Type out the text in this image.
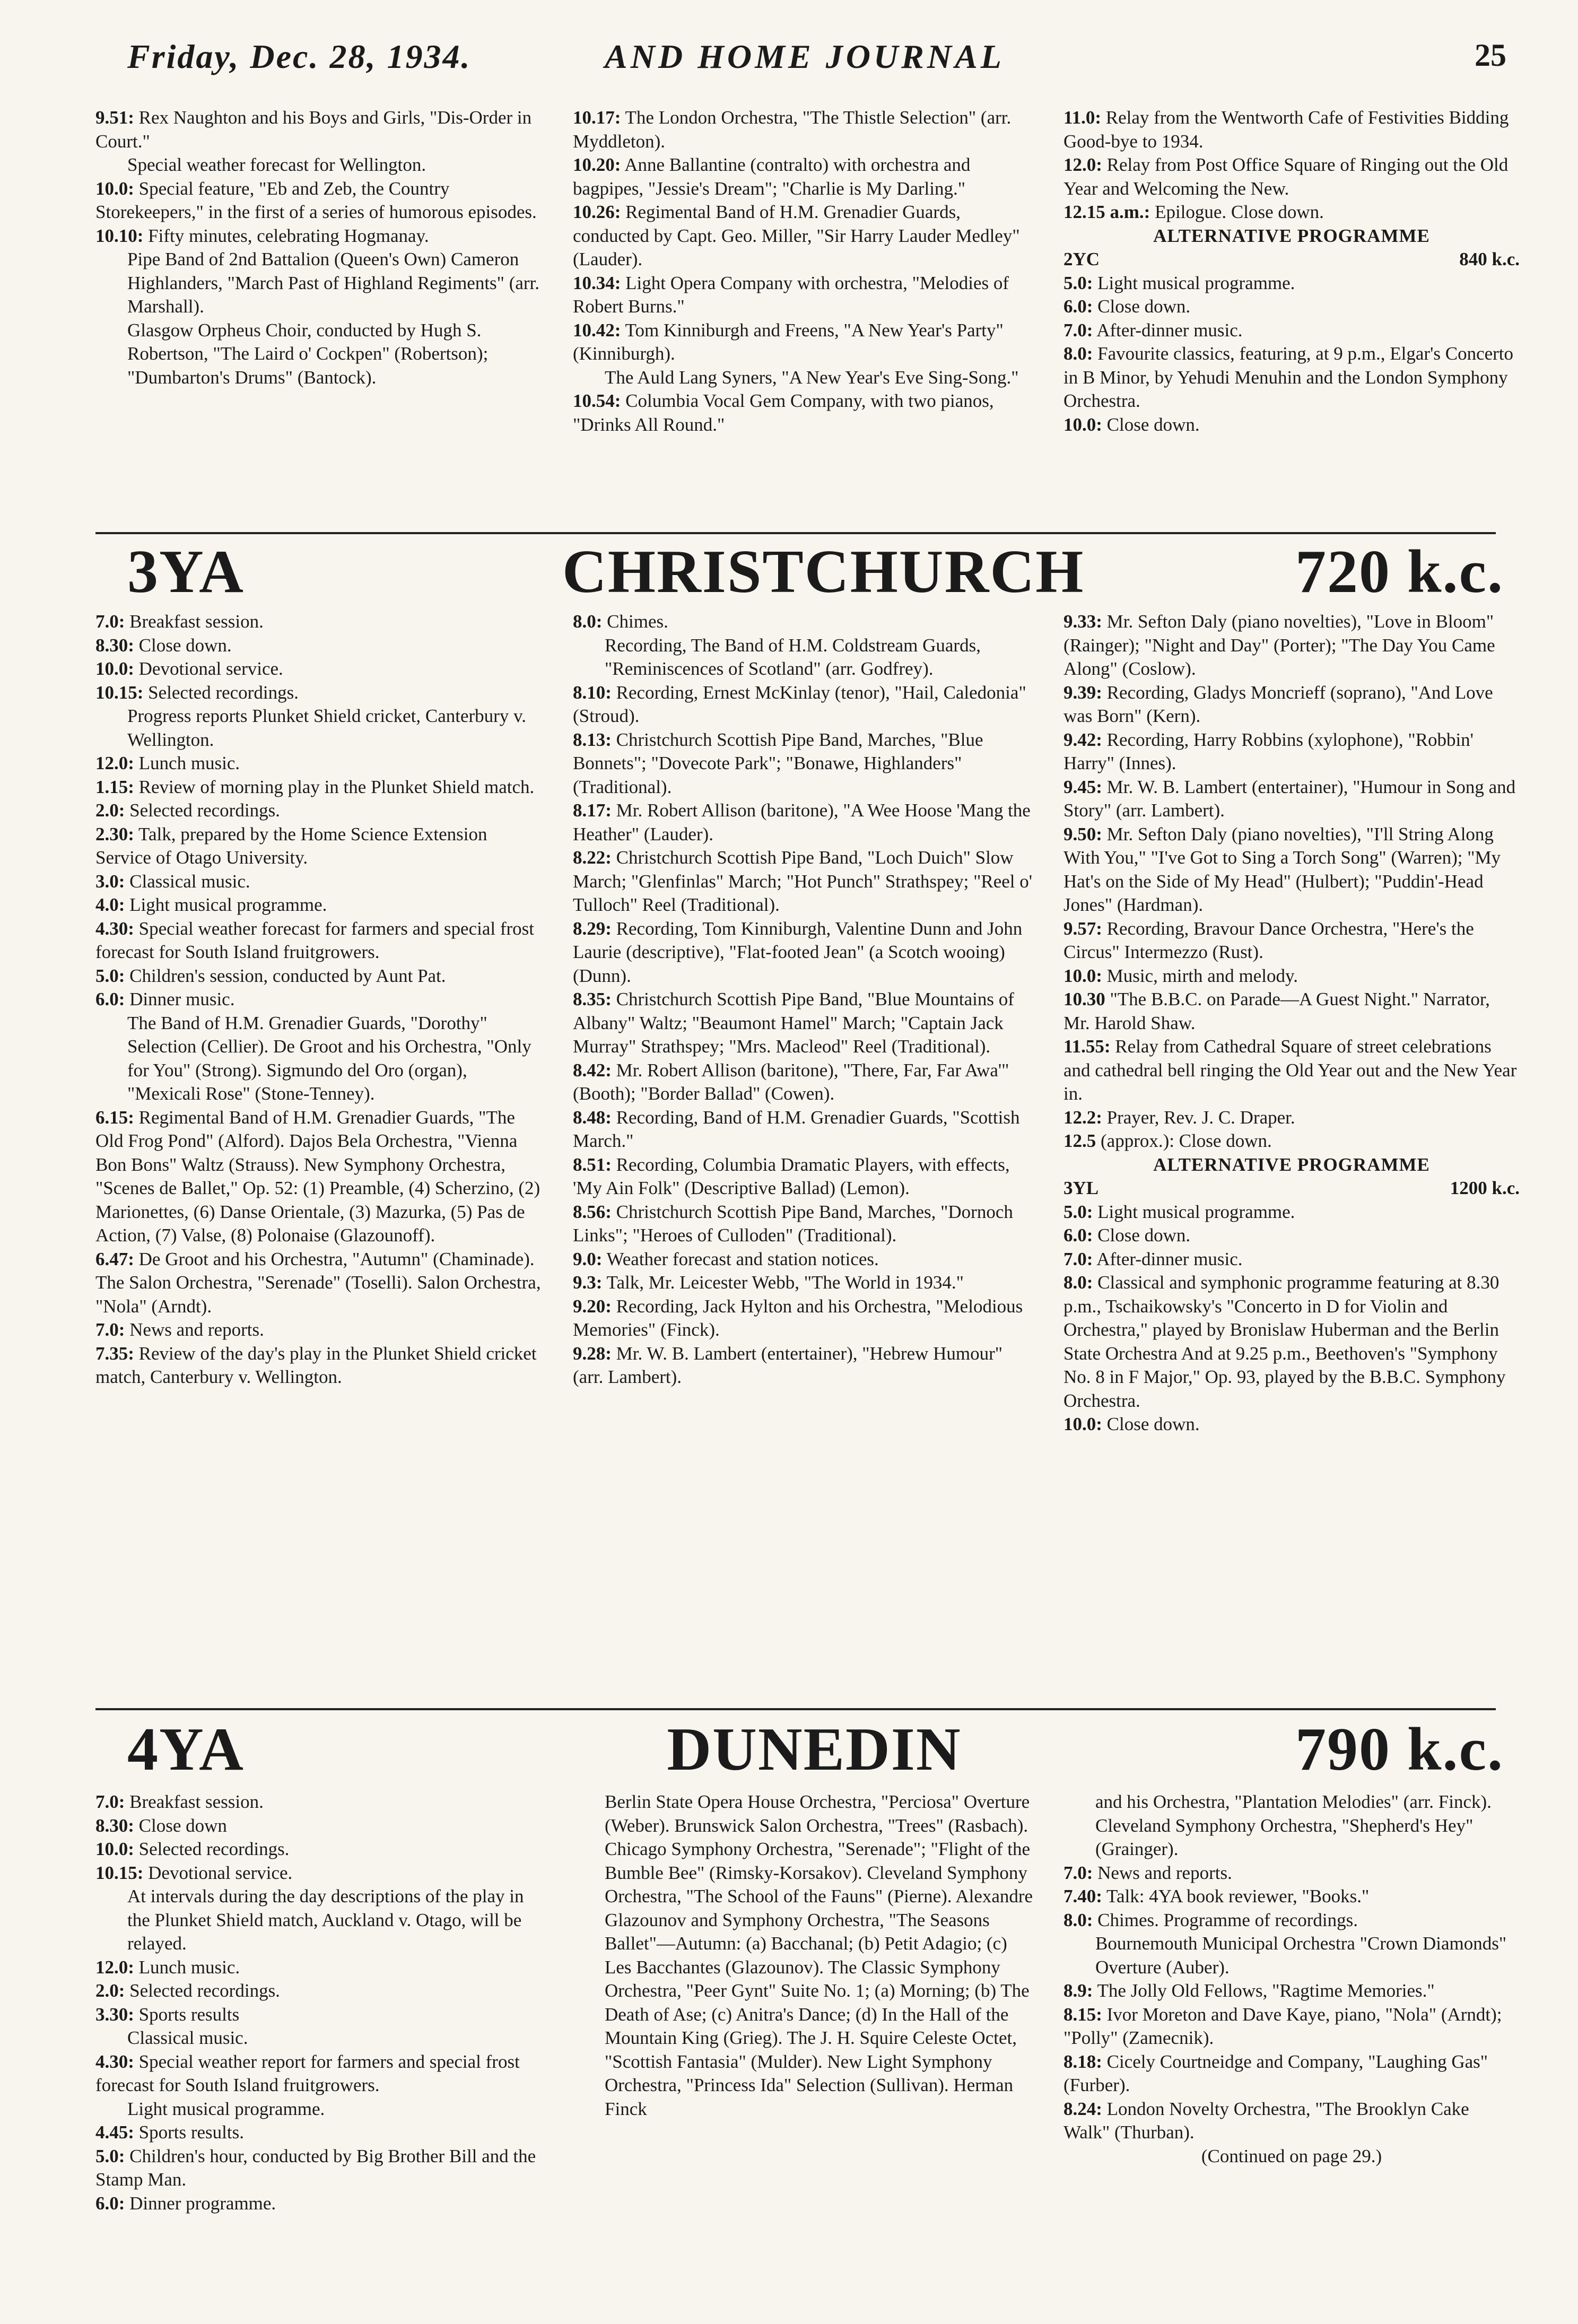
Friday, Dec. 28, 1934.	AND HOME JOURNAL	25

9.51: Rex Naughton and his Boys and Girls, "Dis-Order in Court."

Special weather forecast for Wellington.

10.0: Special feature, "Eb and Zeb, the Country Storekeepers," in the first of a series of humorous episodes.

10.10: Fifty minutes, celebrating Hogmanay.

Pipe Band of 2nd Battalion (Queen's Own) Cameron Highlanders, "March Past of Highland Regiments" (arr. Marshall).

Glasgow Orpheus Choir, conducted by Hugh S. Robertson, "The Laird o' Cockpen" (Robertson); "Dumbarton's Drums" (Bantock).

10.17: The London Orchestra, "The Thistle Selection" (arr. Myddleton).

10.20: Anne Ballantine (contralto) with orchestra and bagpipes, "Jessie's Dream"; "Charlie is My Darling."

10.26: Regimental Band of H.M. Grenadier Guards, conducted by Capt. Geo. Miller, "Sir Harry Lauder Medley" (Lauder).

10.34: Light Opera Company with orchestra, "Melodies of Robert Burns."

10.42: Tom Kinniburgh and Freens, "A New Year's Party" (Kinniburgh).

The Auld Lang Syners, "A New Year's Eve Sing-Song."

10.54: Columbia Vocal Gem Company, with two pianos, "Drinks All Round."

11.0: Relay from the Wentworth Cafe of Festivities Bidding Good-bye to 1934.

12.0: Relay from Post Office Square of Ringing out the Old Year and Welcoming the New.

12.15 a.m.: Epilogue. Close down.

ALTERNATIVE PROGRAMME

2YC	840 k.c.

5.0: Light musical programme.

6.0: Close down.

7.0: After-dinner music.

8.0: Favourite classics, featuring, at 9 p.m., Elgar's Concerto in B Minor, by Yehudi Menuhin and the London Symphony Orchestra.

10.0: Close down.

3YA	CHRISTCHURCH	720 k.c.

7.0: Breakfast session.

8.30: Close down.

10.0: Devotional service.

10.15: Selected recordings.

Progress reports Plunket Shield cricket, Canterbury v. Wellington.

12.0: Lunch music.

1.15: Review of morning play in the Plunket Shield match.

2.0: Selected recordings.

2.30: Talk, prepared by the Home Science Extension Service of Otago University.

3.0: Classical music.

4.0: Light musical programme.

4.30: Special weather forecast for farmers and special frost forecast for South Island fruitgrowers.

5.0: Children's session, conducted by Aunt Pat.

6.0: Dinner music.

The Band of H.M. Grenadier Guards, "Dorothy" Selection (Cellier). De Groot and his Orchestra, "Only for You" (Strong). Sigmundo del Oro (organ), "Mexicali Rose" (Stone-Tenney).

6.15: Regimental Band of H.M. Grenadier Guards, "The Old Frog Pond" (Alford). Dajos Bela Orchestra, "Vienna Bon Bons" Waltz (Strauss). New Symphony Orchestra, "Scenes de Ballet," Op. 52: (1) Preamble, (4) Scherzino, (2) Marionettes, (6) Danse Orientale, (3) Mazurka, (5) Pas de Action, (7) Valse, (8) Polonaise (Glazounoff).

6.47: De Groot and his Orchestra, "Autumn" (Chaminade). The Salon Orchestra, "Serenade" (Toselli). Salon Orchestra, "Nola" (Arndt).

7.0: News and reports.

7.35: Review of the day's play in the Plunket Shield cricket match, Canterbury v. Wellington.

8.0: Chimes.

Recording, The Band of H.M. Coldstream Guards, "Reminiscences of Scotland" (arr. Godfrey).

8.10: Recording, Ernest McKinlay (tenor), "Hail, Caledonia" (Stroud).

8.13: Christchurch Scottish Pipe Band, Marches, "Blue Bonnets"; "Dovecote Park"; "Bonawe, Highlanders" (Traditional).

8.17: Mr. Robert Allison (baritone), "A Wee Hoose 'Mang the Heather" (Lauder).

8.22: Christchurch Scottish Pipe Band, "Loch Duich" Slow March; "Glenfinlas" March; "Hot Punch" Strathspey; "Reel o' Tulloch" Reel (Traditional).

8.29: Recording, Tom Kinniburgh, Valentine Dunn and John Laurie (descriptive), "Flat-footed Jean" (a Scotch wooing) (Dunn).

8.35: Christchurch Scottish Pipe Band, "Blue Mountains of Albany" Waltz; "Beaumont Hamel" March; "Captain Jack Murray" Strathspey; "Mrs. Macleod" Reel (Traditional).

8.42: Mr. Robert Allison (baritone), "There, Far, Far Awa'" (Booth); "Border Ballad" (Cowen).

8.48: Recording, Band of H.M. Grenadier Guards, "Scottish March."

8.51: Recording, Columbia Dramatic Players, with effects, 'My Ain Folk" (Descriptive Ballad) (Lemon).

8.56: Christchurch Scottish Pipe Band, Marches, "Dornoch Links"; "Heroes of Culloden" (Traditional).

9.0: Weather forecast and station notices.

9.3: Talk, Mr. Leicester Webb, "The World in 1934."

9.20: Recording, Jack Hylton and his Orchestra, "Melodious Memories" (Finck).

9.28: Mr. W. B. Lambert (entertainer), "Hebrew Humour" (arr. Lambert).

9.33: Mr. Sefton Daly (piano novelties), "Love in Bloom" (Rainger); "Night and Day" (Porter); "The Day You Came Along" (Coslow).

9.39: Recording, Gladys Moncrieff (soprano), "And Love was Born" (Kern).

9.42: Recording, Harry Robbins (xylophone), "Robbin' Harry" (Innes).

9.45: Mr. W. B. Lambert (entertainer), "Humour in Song and Story" (arr. Lambert).

9.50: Mr. Sefton Daly (piano novelties), "I'll String Along With You," "I've Got to Sing a Torch Song" (Warren); "My Hat's on the Side of My Head" (Hulbert); "Puddin'-Head Jones" (Hardman).

9.57: Recording, Bravour Dance Orchestra, "Here's the Circus" Intermezzo (Rust).

10.0: Music, mirth and melody.

10.30 "The B.B.C. on Parade—A Guest Night." Narrator, Mr. Harold Shaw.

11.55: Relay from Cathedral Square of street celebrations and cathedral bell ringing the Old Year out and the New Year in.

12.2: Prayer, Rev. J. C. Draper.

12.5 (approx.): Close down.

ALTERNATIVE PROGRAMME

3YL	1200 k.c.

5.0: Light musical programme.

6.0: Close down.

7.0: After-dinner music.

8.0: Classical and symphonic programme featuring at 8.30 p.m., Tschaikowsky's "Concerto in D for Violin and Orchestra," played by Bronislaw Huberman and the Berlin State Orchestra And at 9.25 p.m., Beethoven's "Symphony No. 8 in F Major," Op. 93, played by the B.B.C. Symphony Orchestra.

10.0: Close down.

4YA	DUNEDIN	790 k.c.

7.0: Breakfast session.

8.30: Close down

10.0: Selected recordings.

10.15: Devotional service.

At intervals during the day descriptions of the play in the Plunket Shield match, Auckland v. Otago, will be relayed.

12.0: Lunch music.

2.0: Selected recordings.

3.30: Sports results

Classical music.

4.30: Special weather report for farmers and special frost forecast for South Island fruitgrowers.

Light musical programme.

4.45: Sports results.

5.0: Children's hour, conducted by Big Brother Bill and the Stamp Man.

6.0: Dinner programme.

Berlin State Opera House Orchestra, "Perciosa" Overture (Weber). Brunswick Salon Orchestra, "Trees" (Rasbach). Chicago Symphony Orchestra, "Serenade"; "Flight of the Bumble Bee" (Rimsky-Korsakov). Cleveland Symphony Orchestra, "The School of the Fauns" (Pierne). Alexandre Glazounov and Symphony Orchestra, "The Seasons Ballet"—Autumn: (a) Bacchanal; (b) Petit Adagio; (c) Les Bacchantes (Glazounov). The Classic Symphony Orchestra, "Peer Gynt" Suite No. 1; (a) Morning; (b) The Death of Ase; (c) Anitra's Dance; (d) In the Hall of the Mountain King (Grieg). The J. H. Squire Celeste Octet, "Scottish Fantasia" (Mulder). New Light Symphony Orchestra, "Princess Ida" Selection (Sullivan). Herman Finck

and his Orchestra, "Plantation Melodies" (arr. Finck). Cleveland Symphony Orchestra, "Shepherd's Hey" (Grainger).

7.0: News and reports.

7.40: Talk: 4YA book reviewer, "Books."

8.0: Chimes. Programme of recordings.

Bournemouth Municipal Orchestra "Crown Diamonds" Overture (Auber).

8.9: The Jolly Old Fellows, "Ragtime Memories."

8.15: Ivor Moreton and Dave Kaye, piano, "Nola" (Arndt); "Polly" (Zamecnik).

8.18: Cicely Courtneidge and Company, "Laughing Gas" (Furber).

8.24: London Novelty Orchestra, "The Brooklyn Cake Walk" (Thurban).

(Continued on page 29.)
